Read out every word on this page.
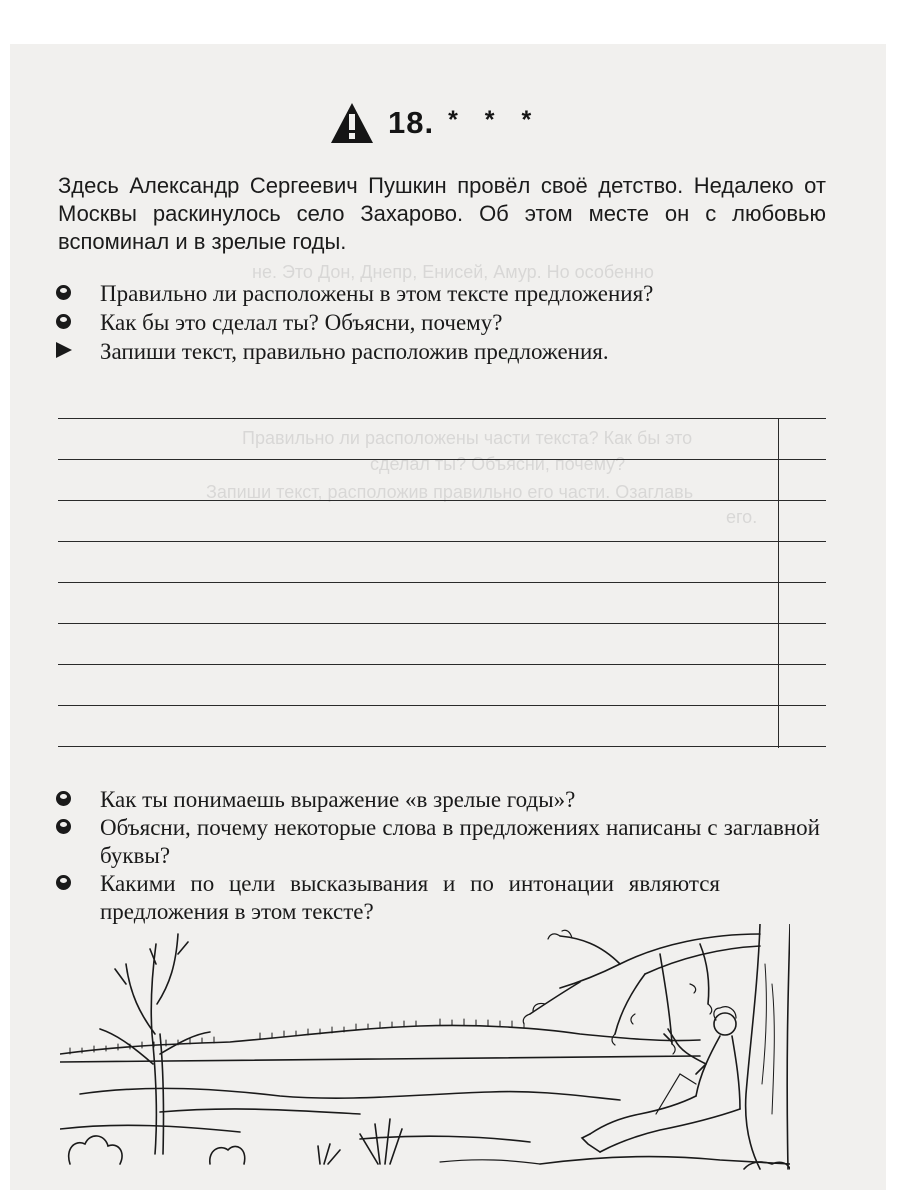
не. Это Дон, Днепр, Енисей, Амур. Но особенно
Правильно ли расположены части текста? Как бы это
сделал ты? Объясни, почему?
Запиши текст, расположив правильно его части. Озаглавь
его.
18. * * *

Здесь Александр Сергеевич Пушкин провёл своё детство. Недалеко от Москвы раскинулось село Захарово. Об этом месте он с любовью вспоминал и в зрелые годы.

Правильно ли расположены в этом тексте предложения?
Как бы это сделал ты? Объясни, почему?
Запиши текст, правильно расположив предложения.
Как ты понимаешь выражение «в зрелые годы»?
Объясни, почему некоторые слова в предложениях написаны с заглавной буквы?
Какими по цели высказывания и по интонации являются предложения в этом тексте?
